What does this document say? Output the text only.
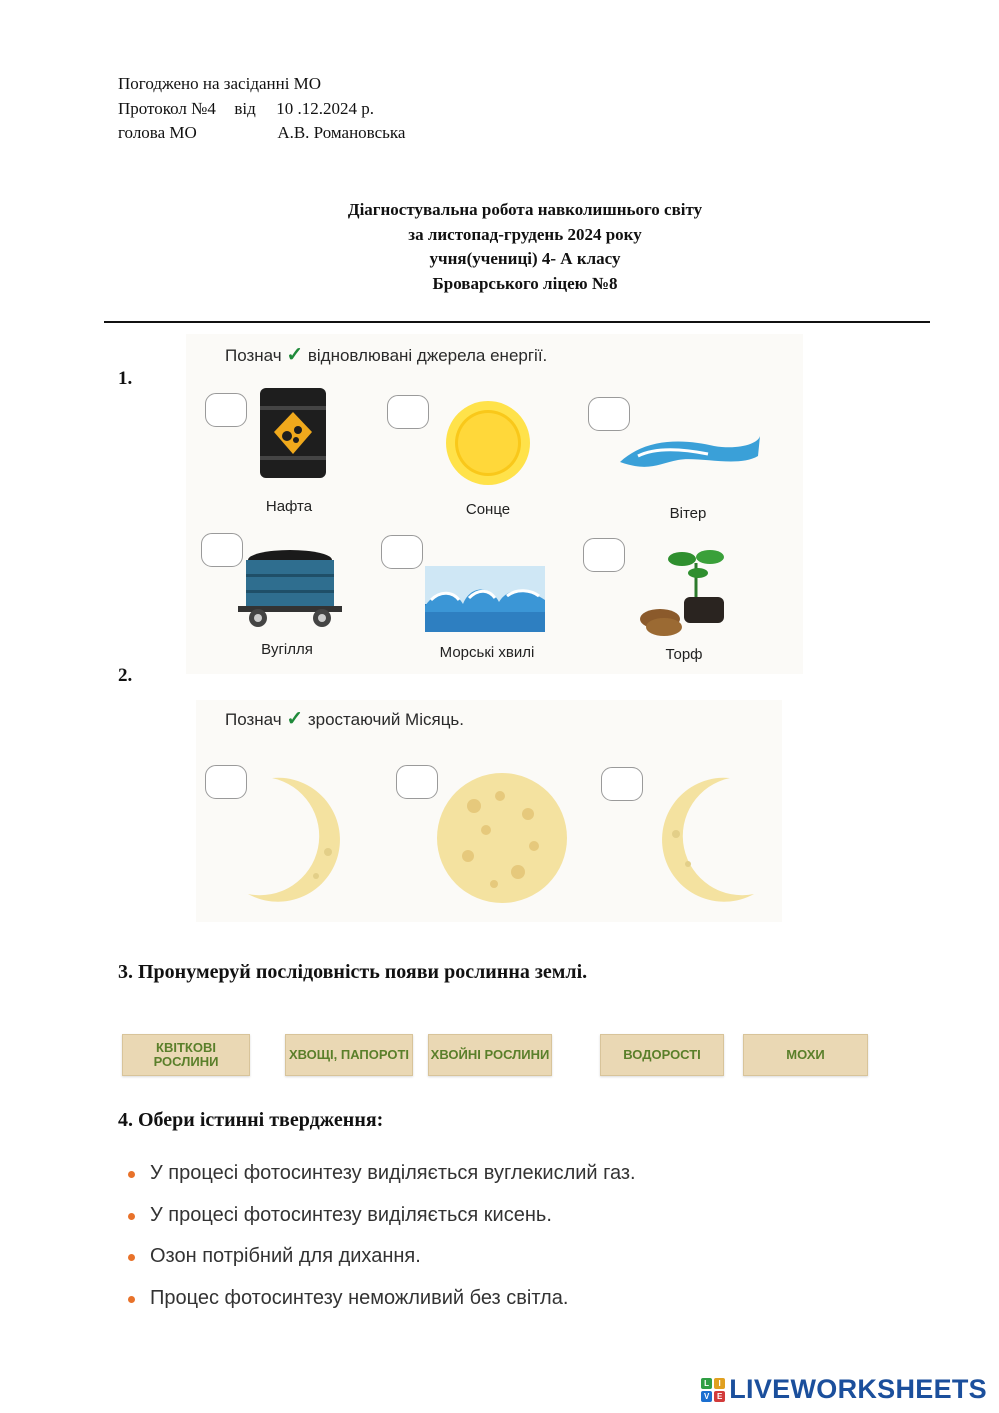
Погоджено на засіданні МО
Протокол №4 від 10 .12.2024 р.
голова МО	А.В. Романовська
Діагностувальна робота навколишнього світу
за листопад-грудень 2024 року
учня(учениці) 4- А класу
Броварського ліцею №8
1.
Познач ✓ відновлювані джерела енергії.
Нафта	Сонце	Вітер
Вугілля	Морські хвилі	Торф
2.
Познач ✓ зростаючий Місяць.
3. Пронумеруй послідовність появи рослинна землі.
КВІТКОВІ РОСЛИНИ	ХВОЩІ, ПАПОРОТІ	ХВОЙНІ РОСЛИНИ	ВОДОРОСТІ	МОХИ
4. Обери істинні твердження:
У процесі фотосинтезу виділяється вуглекислий газ.
У процесі фотосинтезу виділяється кисень.
Озон потрібний для дихання.
Процес фотосинтезу неможливий без світла.
L	I
V E LIVEWORKSHEETS
